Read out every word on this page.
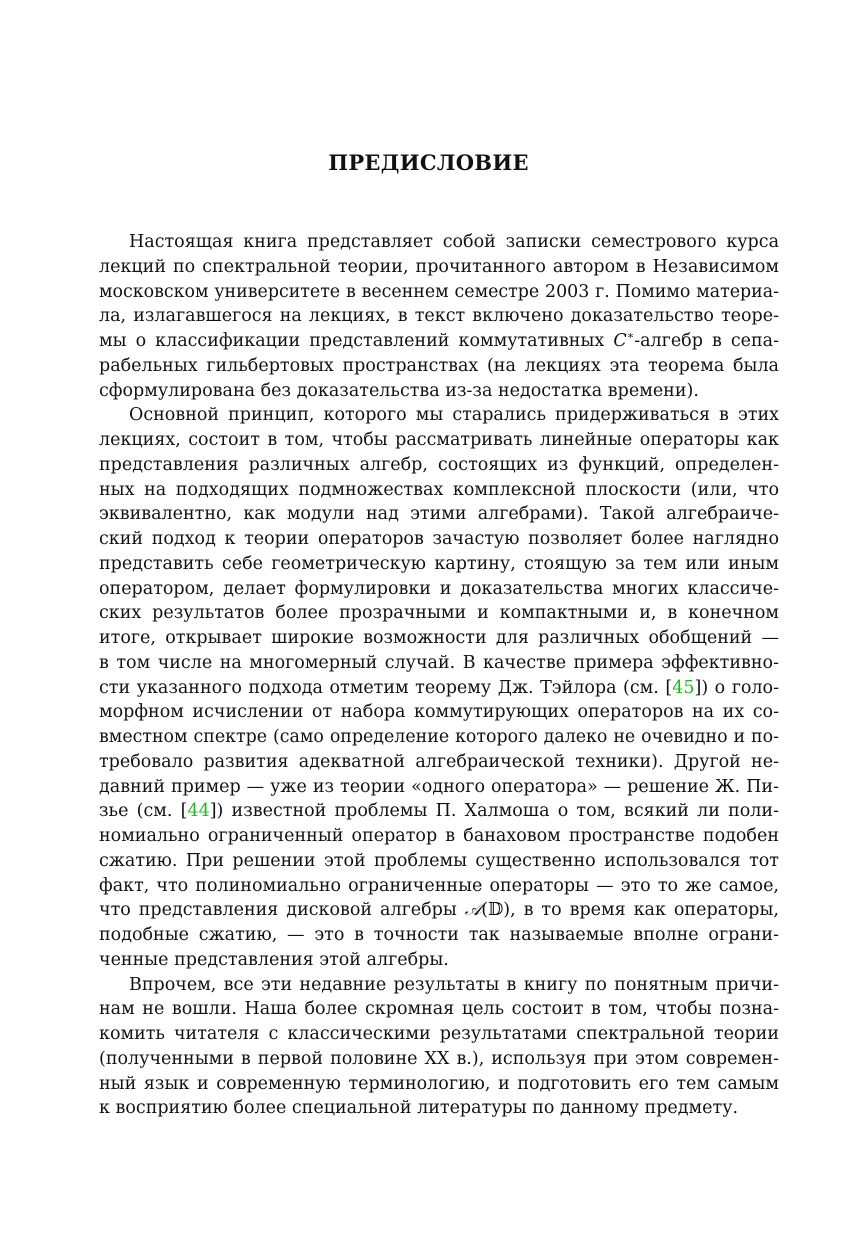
ПРЕДИСЛОВИЕ
Настоящая книга представляет собой записки семестрового курса
лекций по спектральной теории, прочитанного автором в Независимом
московском университете в весеннем семестре 2003 г. Помимо материа-
ла, излагавшегося на лекциях, в текст включено доказательство теоре-
мы о классификации представлений коммутативных C∗-алгебр в сепа-
рабельных гильбертовых пространствах (на лекциях эта теорема была
сформулирована без доказательства из-за недостатка времени).
Основной принцип, которого мы старались придерживаться в этих
лекциях, состоит в том, чтобы рассматривать линейные операторы как
представления различных алгебр, состоящих из функций, определен-
ных на подходящих подмножествах комплексной плоскости (или, что
эквивалентно, как модули над этими алгебрами). Такой алгебраиче-
ский подход к теории операторов зачастую позволяет более наглядно
представить себе геометрическую картину, стоящую за тем или иным
оператором, делает формулировки и доказательства многих классиче-
ских результатов более прозрачными и компактными и, в конечном
итоге, открывает широкие возможности для различных обобщений —
в том числе на многомерный случай. В качестве примера эффективно-
сти указанного подхода отметим теорему Дж. Тэйлора (см. [45]) о голо-
морфном исчислении от набора коммутирующих операторов на их со-
вместном спектре (само определение которого далеко не очевидно и по-
требовало развития адекватной алгебраической техники). Другой не-
давний пример — уже из теории «одного оператора» — решение Ж. Пи-
зье (см. [44]) известной проблемы П. Халмоша о том, всякий ли поли-
номиально ограниченный оператор в банаховом пространстве подобен
сжатию. При решении этой проблемы существенно использовался тот
факт, что полиномиально ограниченные операторы — это то же самое,
что представления дисковой алгебры 𝒜(𝔻), в то время как операторы,
подобные сжатию, — это в точности так называемые вполне ограни-
ченные представления этой алгебры.
Впрочем, все эти недавние результаты в книгу по понятным причи-
нам не вошли. Наша более скромная цель состоит в том, чтобы позна-
комить читателя с классическими результатами спектральной теории
(полученными в первой половине XX в.), используя при этом современ-
ный язык и современную терминологию, и подготовить его тем самым
к восприятию более специальной литературы по данному предмету.
